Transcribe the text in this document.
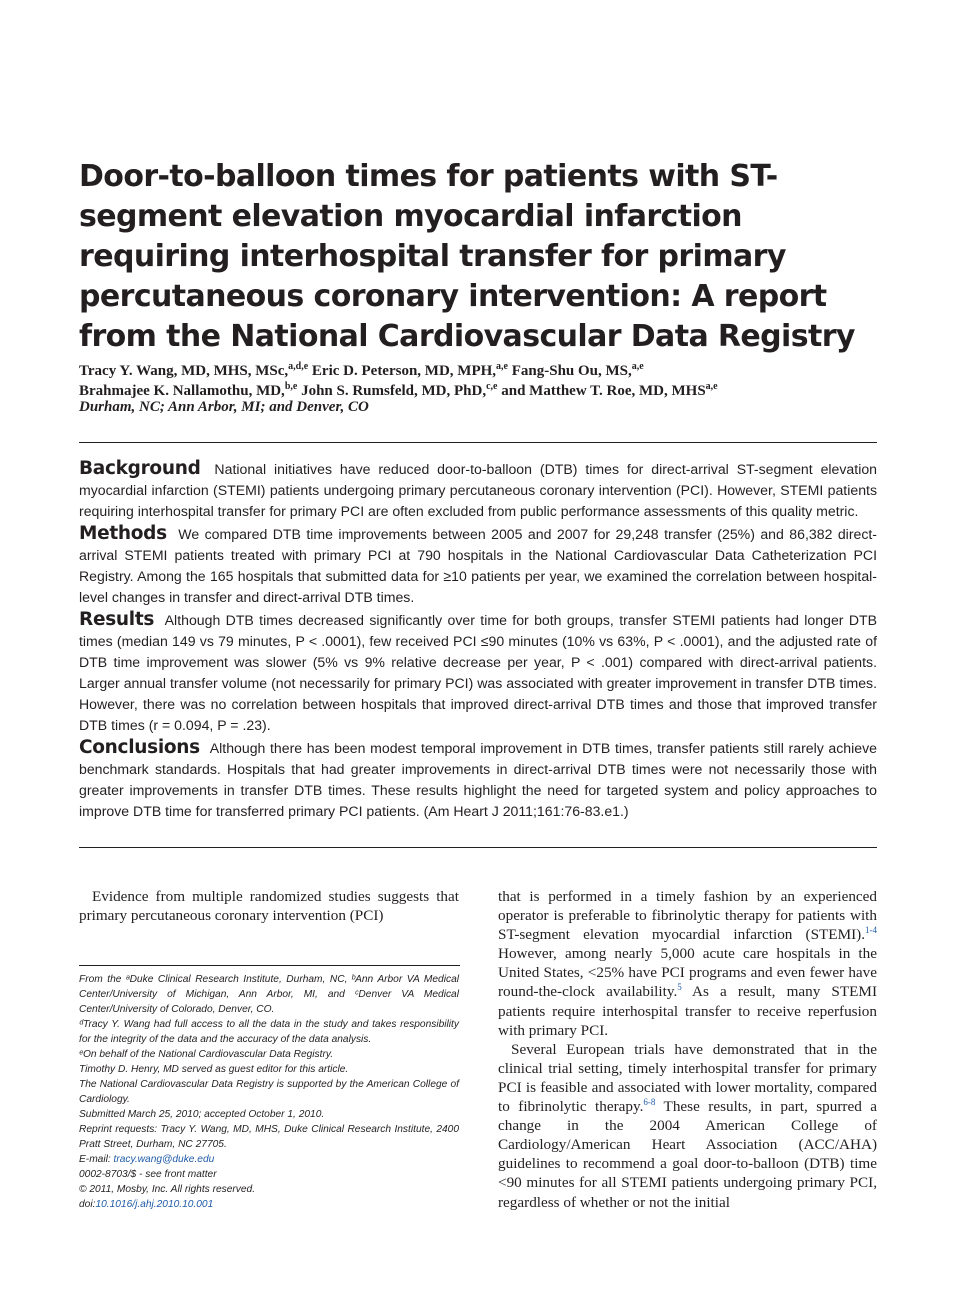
Door-to-balloon times for patients with ST-segment elevation myocardial infarction requiring interhospital transfer for primary percutaneous coronary intervention: A report from the National Cardiovascular Data Registry
Tracy Y. Wang, MD, MHS, MSc,$^{a,d,e}$ Eric D. Peterson, MD, MPH,$^{a,e}$ Fang-Shu Ou, MS,$^{a,e}$
Brahmajee K. Nallamothu, MD,$^{b,e}$ John S. Rumsfeld, MD, PhD,$^{c,e}$ and Matthew T. Roe, MD, MHS$^{a,e}$
Durham, NC; Ann Arbor, MI; and Denver, CO

Background National initiatives have reduced door-to-balloon (DTB) times for direct-arrival ST-segment elevation myocardial infarction (STEMI) patients undergoing primary percutaneous coronary intervention (PCI). However, STEMI patients requiring interhospital transfer for primary PCI are often excluded from public performance assessments of this quality metric.

Methods We compared DTB time improvements between 2005 and 2007 for 29,248 transfer (25%) and 86,382 direct-arrival STEMI patients treated with primary PCI at 790 hospitals in the National Cardiovascular Data Catheterization PCI Registry. Among the 165 hospitals that submitted data for ≥10 patients per year, we examined the correlation between hospital-level changes in transfer and direct-arrival DTB times.

Results Although DTB times decreased significantly over time for both groups, transfer STEMI patients had longer DTB times (median 149 vs 79 minutes, P < .0001), few received PCI ≤90 minutes (10% vs 63%, P < .0001), and the adjusted rate of DTB time improvement was slower (5% vs 9% relative decrease per year, P < .001) compared with direct-arrival patients. Larger annual transfer volume (not necessarily for primary PCI) was associated with greater improvement in transfer DTB times. However, there was no correlation between hospitals that improved direct-arrival DTB times and those that improved transfer DTB times (r = 0.094, P = .23).

Conclusions Although there has been modest temporal improvement in DTB times, transfer patients still rarely achieve benchmark standards. Hospitals that had greater improvements in direct-arrival DTB times were not necessarily those with greater improvements in transfer DTB times. These results highlight the need for targeted system and policy approaches to improve DTB time for transferred primary PCI patients. (Am Heart J 2011;161:76-83.e1.)

Evidence from multiple randomized studies suggests that primary percutaneous coronary intervention (PCI)

From the ᵃDuke Clinical Research Institute, Durham, NC, ᵇAnn Arbor VA Medical Center/University of Michigan, Ann Arbor, MI, and ᶜDenver VA Medical Center/University of Colorado, Denver, CO.
ᵈTracy Y. Wang had full access to all the data in the study and takes responsibility for the integrity of the data and the accuracy of the data analysis.
ᵉOn behalf of the National Cardiovascular Data Registry.
Timothy D. Henry, MD served as guest editor for this article.
The National Cardiovascular Data Registry is supported by the American College of Cardiology.
Submitted March 25, 2010; accepted October 1, 2010.
Reprint requests: Tracy Y. Wang, MD, MHS, Duke Clinical Research Institute, 2400 Pratt Street, Durham, NC 27705.
E-mail: tracy.wang@duke.edu
0002-8703/$ - see front matter
© 2011, Mosby, Inc. All rights reserved.
doi:10.1016/j.ahj.2010.10.001

that is performed in a timely fashion by an experienced operator is preferable to fibrinolytic therapy for patients with ST-segment elevation myocardial infarction (STEMI).$^{1-4}$ However, among nearly 5,000 acute care hospitals in the United States, <25% have PCI programs and even fewer have round-the-clock availability.$^5$ As a result, many STEMI patients require interhospital transfer to receive reperfusion with primary PCI.

Several European trials have demonstrated that in the clinical trial setting, timely interhospital transfer for primary PCI is feasible and associated with lower mortality, compared to fibrinolytic therapy.$^{6-8}$ These results, in part, spurred a change in the 2004 American College of Cardiology/American Heart Association (ACC/AHA) guidelines to recommend a goal door-to-balloon (DTB) time <90 minutes for all STEMI patients undergoing primary PCI, regardless of whether or not the initial
